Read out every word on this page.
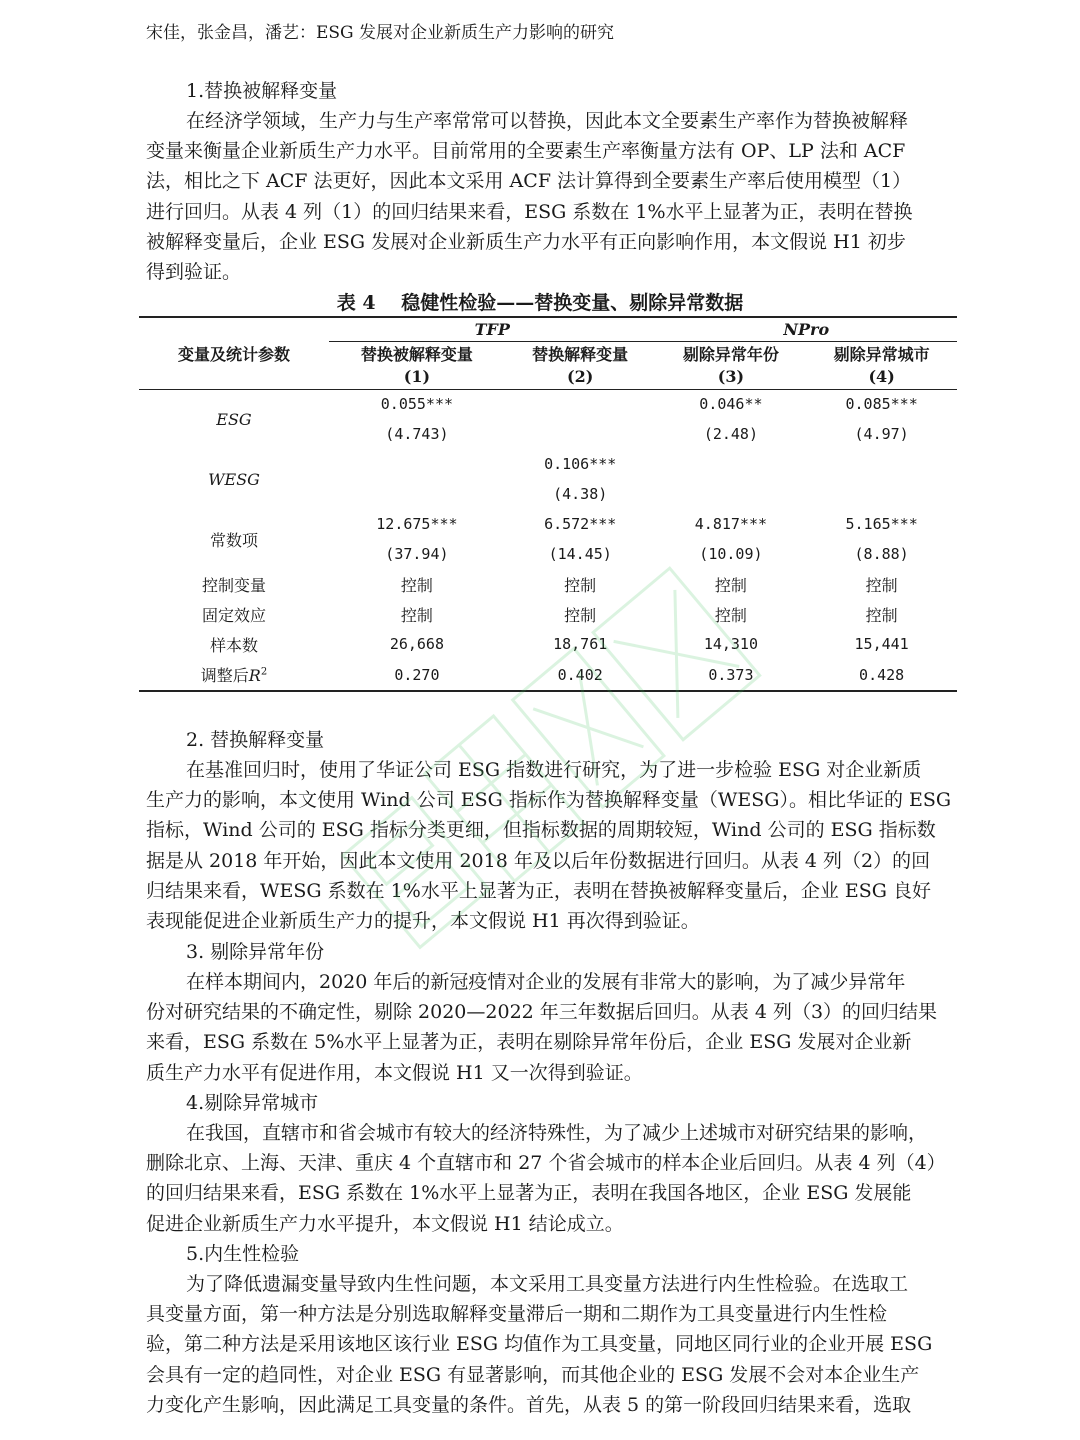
宋佳，张金昌，潘艺：ESG 发展对企业新质生产力影响的研究
1.替换被解释变量
在经济学领域，生产力与生产率常常可以替换，因此本文全要素生产率作为替换被解释
变量来衡量企业新质生产力水平。目前常用的全要素生产率衡量方法有 OP、LP 法和 ACF
法，相比之下 ACF 法更好，因此本文采用 ACF 法计算得到全要素生产率后使用模型（1）
进行回归。从表 4 列（1）的回归结果来看，ESG 系数在 1%水平上显著为正，表明在替换
被解释变量后，企业 ESG 发展对企业新质生产力水平有正向影响作用，本文假说 H1 初步
得到验证。
表 4　 稳健性检验——替换变量、剔除异常数据
变量及统计参数	TFP		NPro	
	替换被解释变量	替换解释变量	剔除异常年份	剔除异常城市
	(1)	(2)	(3)	(4)
ESG	0.055***		0.046**	0.085***
	(4.743)		(2.48)	(4.97)
WESG		0.106***		
		(4.38)		
常数项	12.675***	6.572***	4.817***	5.165***
	(37.94)	(14.45)	(10.09)	(8.88)
控制变量	控制	控制	控制	控制
固定效应	控制	控制	控制	控制
样本数	26,668	18,761	14,310	15,441
调整后$R^2$	0.270	0.402	0.373	0.428
2. 替换解释变量
在基准回归时，使用了华证公司 ESG 指数进行研究，为了进一步检验 ESG 对企业新质
生产力的影响，本文使用 Wind 公司 ESG 指标作为替换解释变量（WESG）。相比华证的 ESG
指标，Wind 公司的 ESG 指标分类更细，但指标数据的周期较短，Wind 公司的 ESG 指标数
据是从 2018 年开始，因此本文使用 2018 年及以后年份数据进行回归。从表 4 列（2）的回
归结果来看，WESG 系数在 1%水平上显著为正，表明在替换被解释变量后，企业 ESG 良好
表现能促进企业新质生产力的提升，本文假说 H1 再次得到验证。
3. 剔除异常年份
在样本期间内，2020 年后的新冠疫情对企业的发展有非常大的影响，为了减少异常年
份对研究结果的不确定性，剔除 2020—2022 年三年数据后回归。从表 4 列（3）的回归结果
来看，ESG 系数在 5%水平上显著为正，表明在剔除异常年份后，企业 ESG 发展对企业新
质生产力水平有促进作用，本文假说 H1 又一次得到验证。
4.剔除异常城市
在我国，直辖市和省会城市有较大的经济特殊性，为了减少上述城市对研究结果的影响，
删除北京、上海、天津、重庆 4 个直辖市和 27 个省会城市的样本企业后回归。从表 4 列（4）
的回归结果来看，ESG 系数在 1%水平上显著为正，表明在我国各地区，企业 ESG 发展能
促进企业新质生产力水平提升，本文假说 H1 结论成立。
5.内生性检验
为了降低遗漏变量导致内生性问题，本文采用工具变量方法进行内生性检验。在选取工
具变量方面，第一种方法是分别选取解释变量滞后一期和二期作为工具变量进行内生性检
验，第二种方法是采用该地区该行业 ESG 均值作为工具变量，同地区同行业的企业开展 ESG
会具有一定的趋同性，对企业 ESG 有显著影响，而其他企业的 ESG 发展不会对本企业生产
力变化产生影响，因此满足工具变量的条件。首先，从表 5 的第一阶段回归结果来看，选取
